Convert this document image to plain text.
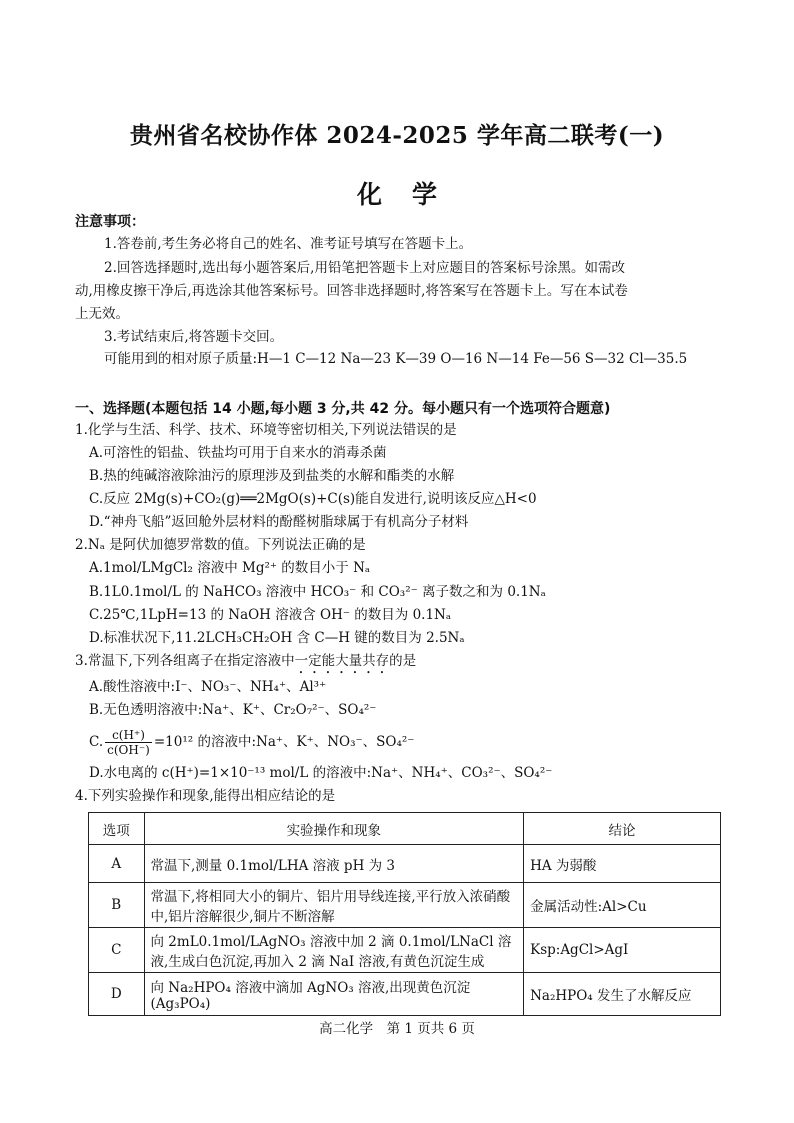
贵州省名校协作体 2024-2025 学年高二联考(一)
化学
注意事项：
1.答卷前,考生务必将自己的姓名、准考证号填写在答题卡上。
2.回答选择题时,选出每小题答案后,用铅笔把答题卡上对应题目的答案标号涂黑。如需改
动,用橡皮擦干净后,再选涂其他答案标号。回答非选择题时,将答案写在答题卡上。写在本试卷
上无效。
3.考试结束后,将答题卡交回。
可能用到的相对原子质量:H—1 C—12 Na—23 K—39 O—16 N—14 Fe—56 S—32 Cl—35.5
一、选择题(本题包括 14 小题,每小题 3 分,共 42 分。每小题只有一个选项符合题意)
1.化学与生活、科学、技术、环境等密切相关,下列说法错误的是
A.可溶性的铝盐、铁盐均可用于自来水的消毒杀菌
B.热的纯碱溶液除油污的原理涉及到盐类的水解和酯类的水解
C.反应 2Mg(s)+CO₂(g)══2MgO(s)+C(s)能自发进行,说明该反应△H<0
D.“神舟飞船”返回舱外层材料的酚醛树脂球属于有机高分子材料
2.Nₐ 是阿伏加德罗常数的值。下列说法正确的是
A.1mol/LMgCl₂ 溶液中 Mg²⁺ 的数目小于 Nₐ
B.1L0.1mol/L 的 NaHCO₃ 溶液中 HCO₃⁻ 和 CO₃²⁻ 离子数之和为 0.1Nₐ
C.25℃,1LpH=13 的 NaOH 溶液含 OH⁻ 的数目为 0.1Nₐ
D.标准状况下,11.2LCH₃CH₂OH 含 C—H 键的数目为 2.5Nₐ
3.常温下,下列各组离子在指定溶液中一定能大量共存的是
A.酸性溶液中:I⁻、NO₃⁻、NH₄⁺、Al³⁺
B.无色透明溶液中:Na⁺、K⁺、Cr₂O₇²⁻、SO₄²⁻
C. $\frac{c(H^+)}{c(OH^-)} =10^{12}$ 的溶液中:Na⁺、K⁺、NO₃⁻、SO₄²⁻
D.水电离的 c(H⁺)=1×10⁻¹³ mol/L 的溶液中:Na⁺、NH₄⁺、CO₃²⁻、SO₄²⁻
4.下列实验操作和现象,能得出相应结论的是
选项	实验操作和现象	结论
A	常温下,测量 0.1mol/LHA 溶液 pH 为 3	HA 为弱酸
B	常温下,将相同大小的铜片、铝片用导线连接,平行放入浓硝酸中,铝片溶解很少,铜片不断溶解	金属活动性:Al>Cu
C	向 2mL0.1mol/LAgNO₃ 溶液中加 2 滴 0.1mol/LNaCl 溶液,生成白色沉淀,再加入 2 滴 NaI 溶液,有黄色沉淀生成	Ksp:AgCl>AgI
D	向 Na₂HPO₄ 溶液中滴加 AgNO₃ 溶液,出现黄色沉淀(Ag₃PO₄)	Na₂HPO₄ 发生了水解反应
高二化学　第 1 页共 6 页
